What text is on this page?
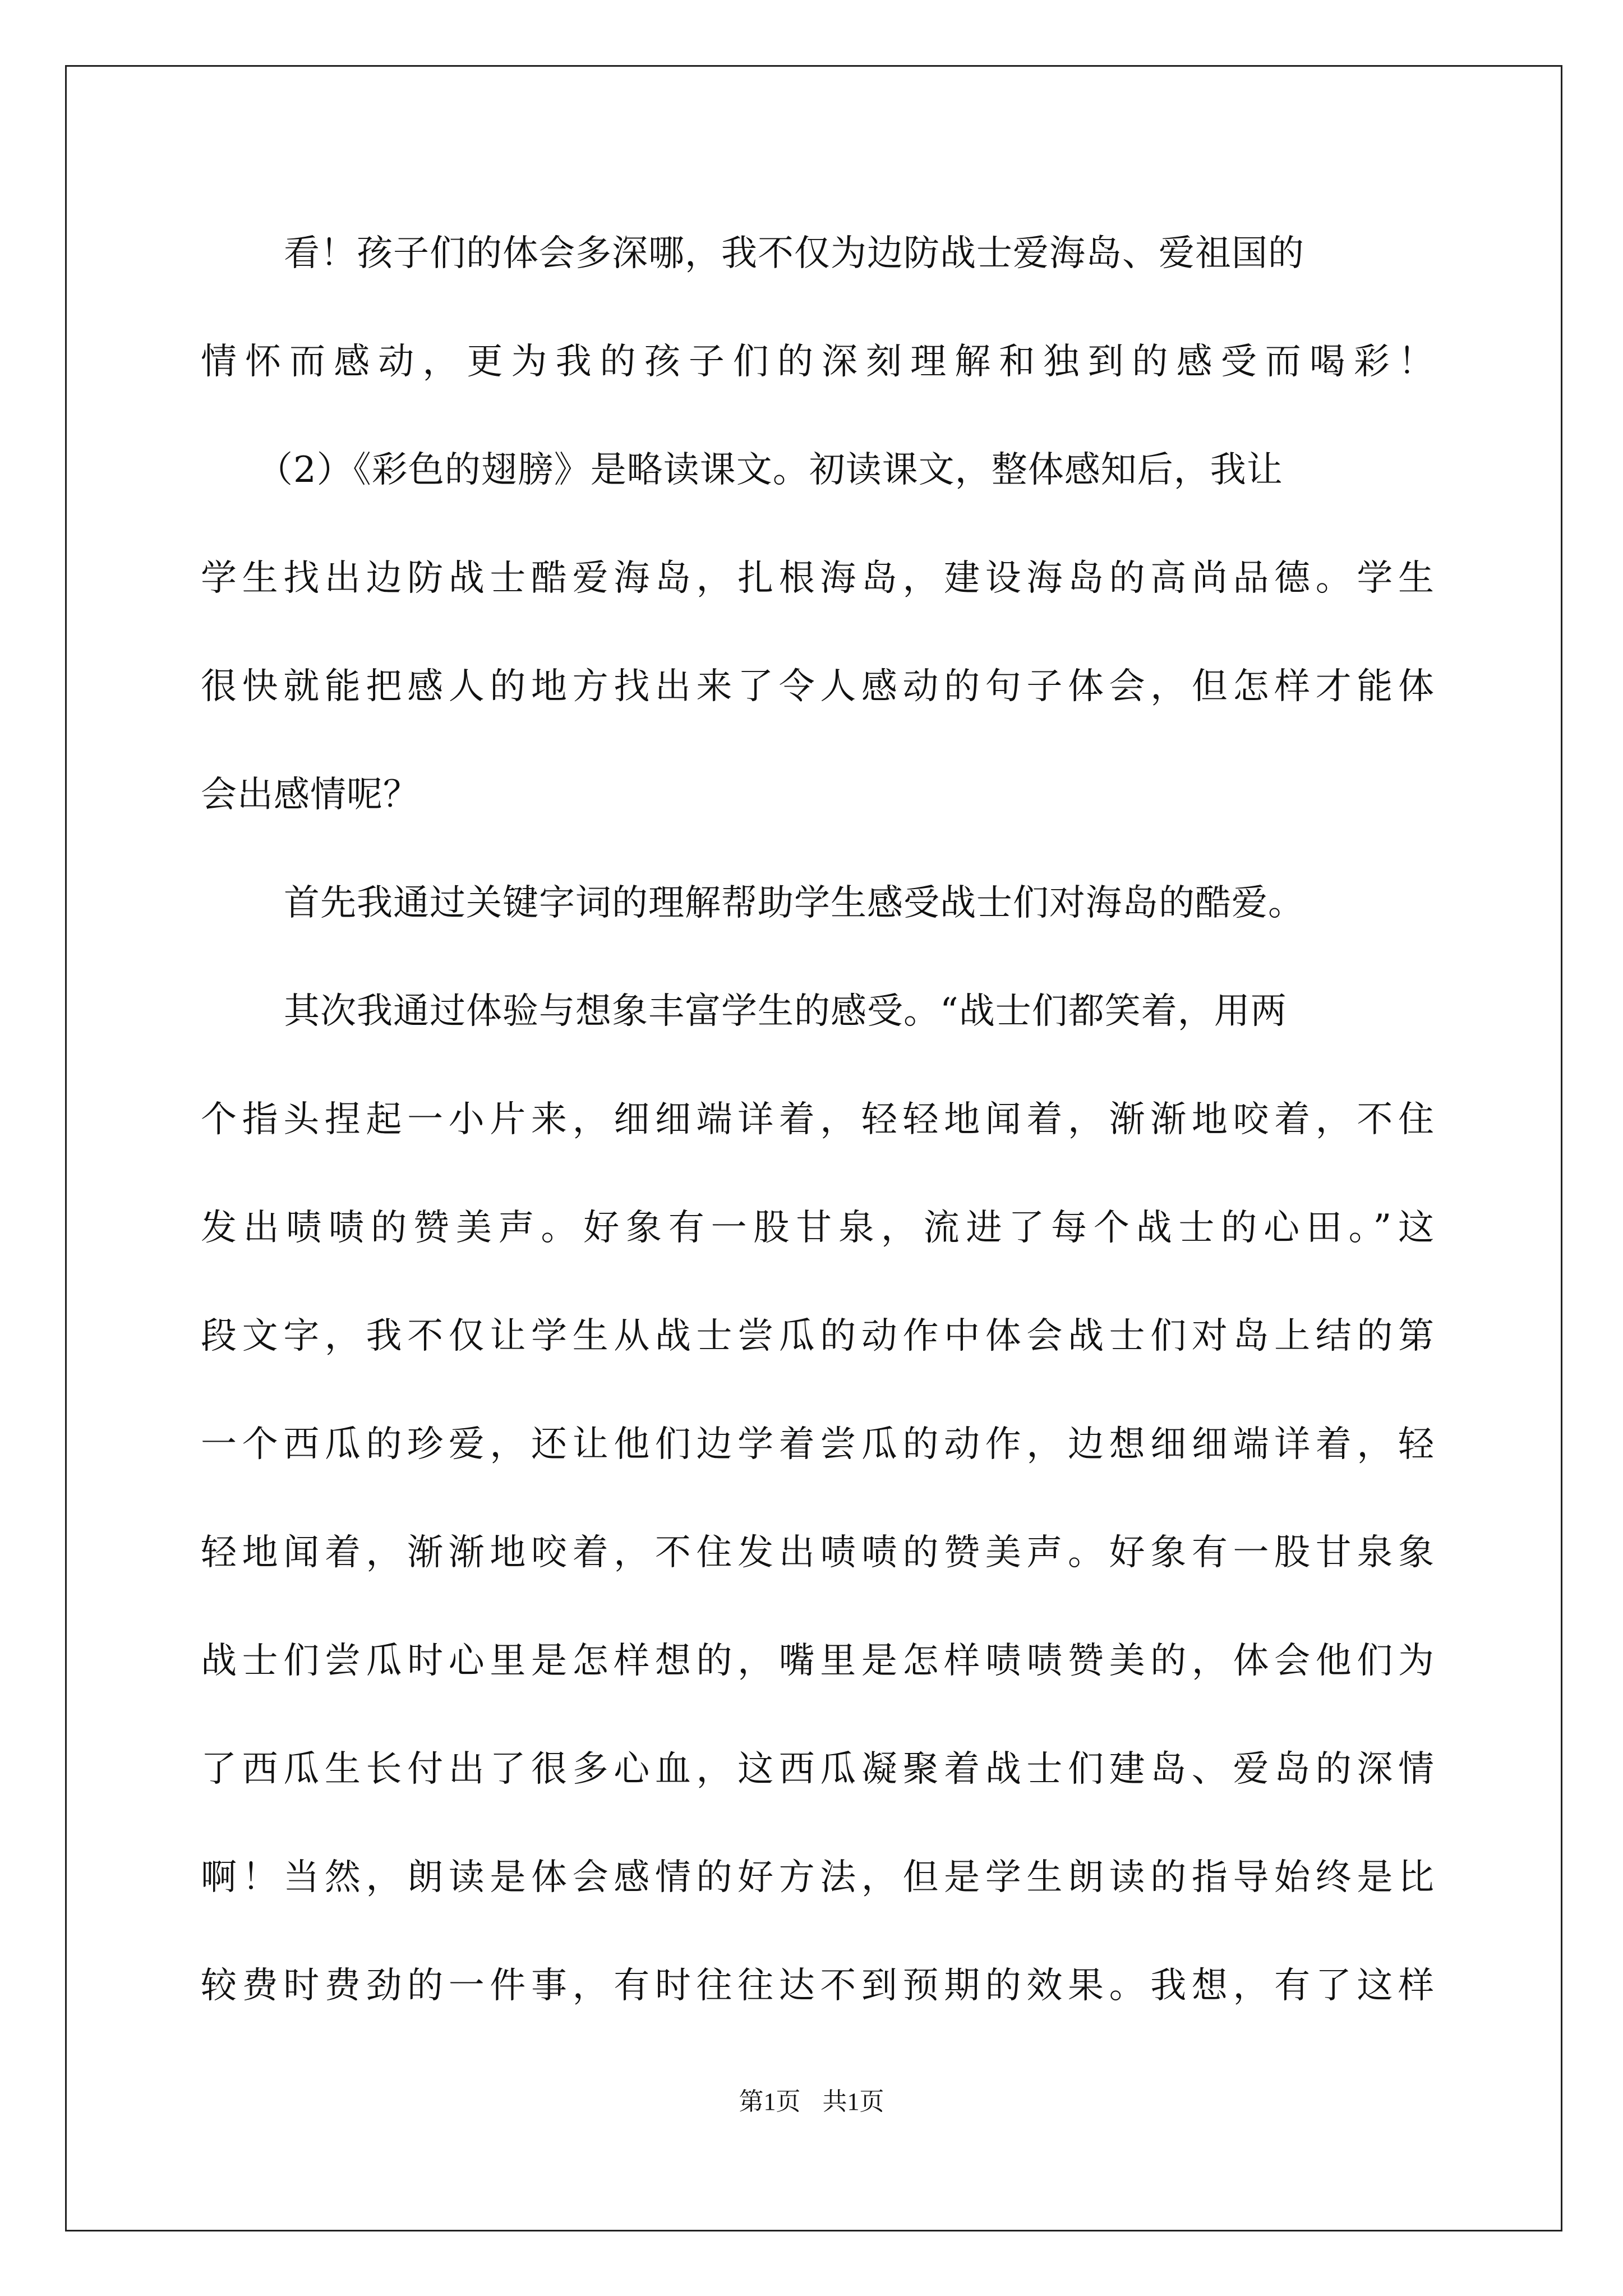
看！孩子们的体会多深哪，我不仅为边防战士爱海岛、爱祖国的
情怀而感动，更为我的孩子们的深刻理解和独到的感受而喝彩！
（2）《彩色的翅膀》是略读课文。初读课文，整体感知后，我让
学生找出边防战士酷爱海岛，扎根海岛，建设海岛的高尚品德。学生
很快就能把感人的地方找出来了令人感动的句子体会，但怎样才能体
会出感情呢？
首先我通过关键字词的理解帮助学生感受战士们对海岛的酷爱。
其次我通过体验与想象丰富学生的感受。“战士们都笑着，用两
个指头捏起一小片来，细细端详着，轻轻地闻着，渐渐地咬着，不住
发出啧啧的赞美声。好象有一股甘泉，流进了每个战士的心田。”这
段文字，我不仅让学生从战士尝瓜的动作中体会战士们对岛上结的第
一个西瓜的珍爱，还让他们边学着尝瓜的动作，边想细细端详着，轻
轻地闻着，渐渐地咬着，不住发出啧啧的赞美声。好象有一股甘泉象
战士们尝瓜时心里是怎样想的，嘴里是怎样啧啧赞美的，体会他们为
了西瓜生长付出了很多心血，这西瓜凝聚着战士们建岛、爱岛的深情
啊！当然，朗读是体会感情的好方法，但是学生朗读的指导始终是比
较费时费劲的一件事，有时往往达不到预期的效果。我想，有了这样
第1页 共1页
